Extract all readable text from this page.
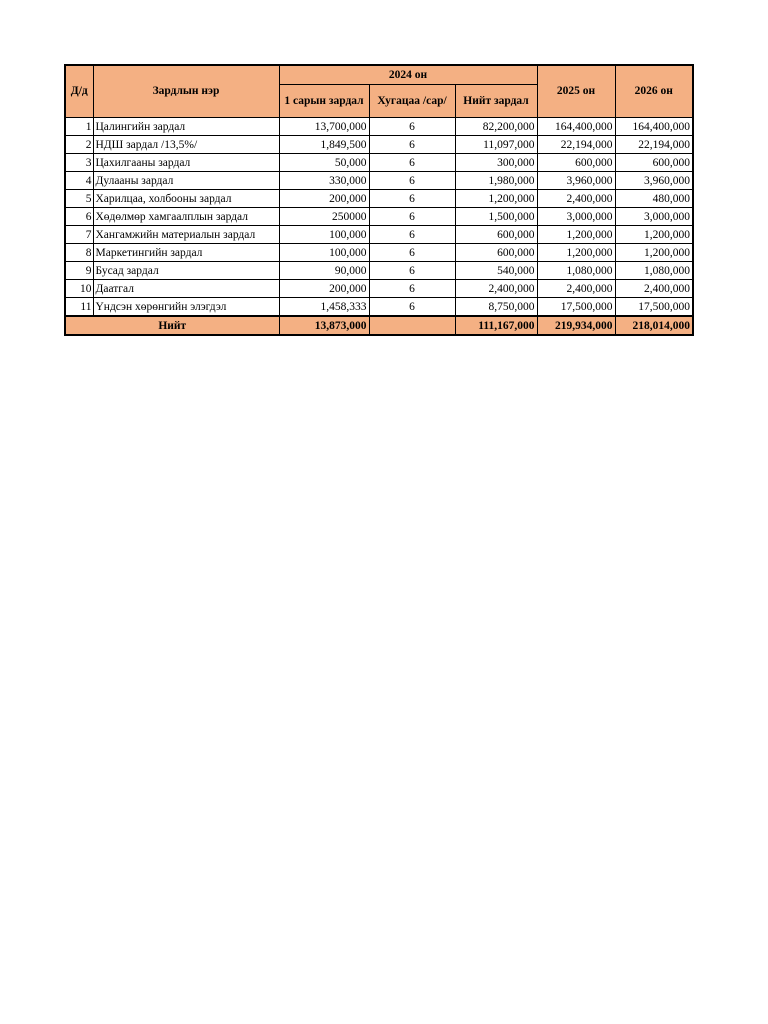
Д/д	Зардлын нэр	2024 он			2025 он	2026 он
		1 сарын зардал	Хугацаа /сар/	Нийт зардал		
1	Цалингийн зардал	13,700,000	6	82,200,000	164,400,000	164,400,000
2	НДШ зардал /13,5%/	1,849,500	6	11,097,000	22,194,000	22,194,000
3	Цахилгааны зардал	50,000	6	300,000	600,000	600,000
4	Дулааны зардал	330,000	6	1,980,000	3,960,000	3,960,000
5	Харилцаа, холбооны зардал	200,000	6	1,200,000	2,400,000	480,000
6	Хөдөлмөр хамгаалплын зардал	250000	6	1,500,000	3,000,000	3,000,000
7	Хангамжийн материалын зардал	100,000	6	600,000	1,200,000	1,200,000
8	Маркетингийн зардал	100,000	6	600,000	1,200,000	1,200,000
9	Бусад зардал	90,000	6	540,000	1,080,000	1,080,000
10	Даатгал	200,000	6	2,400,000	2,400,000	2,400,000
11	Үндсэн хөрөнгийн элэгдэл	1,458,333	6	8,750,000	17,500,000	17,500,000
Нийт		13,873,000		111,167,000	219,934,000	218,014,000
